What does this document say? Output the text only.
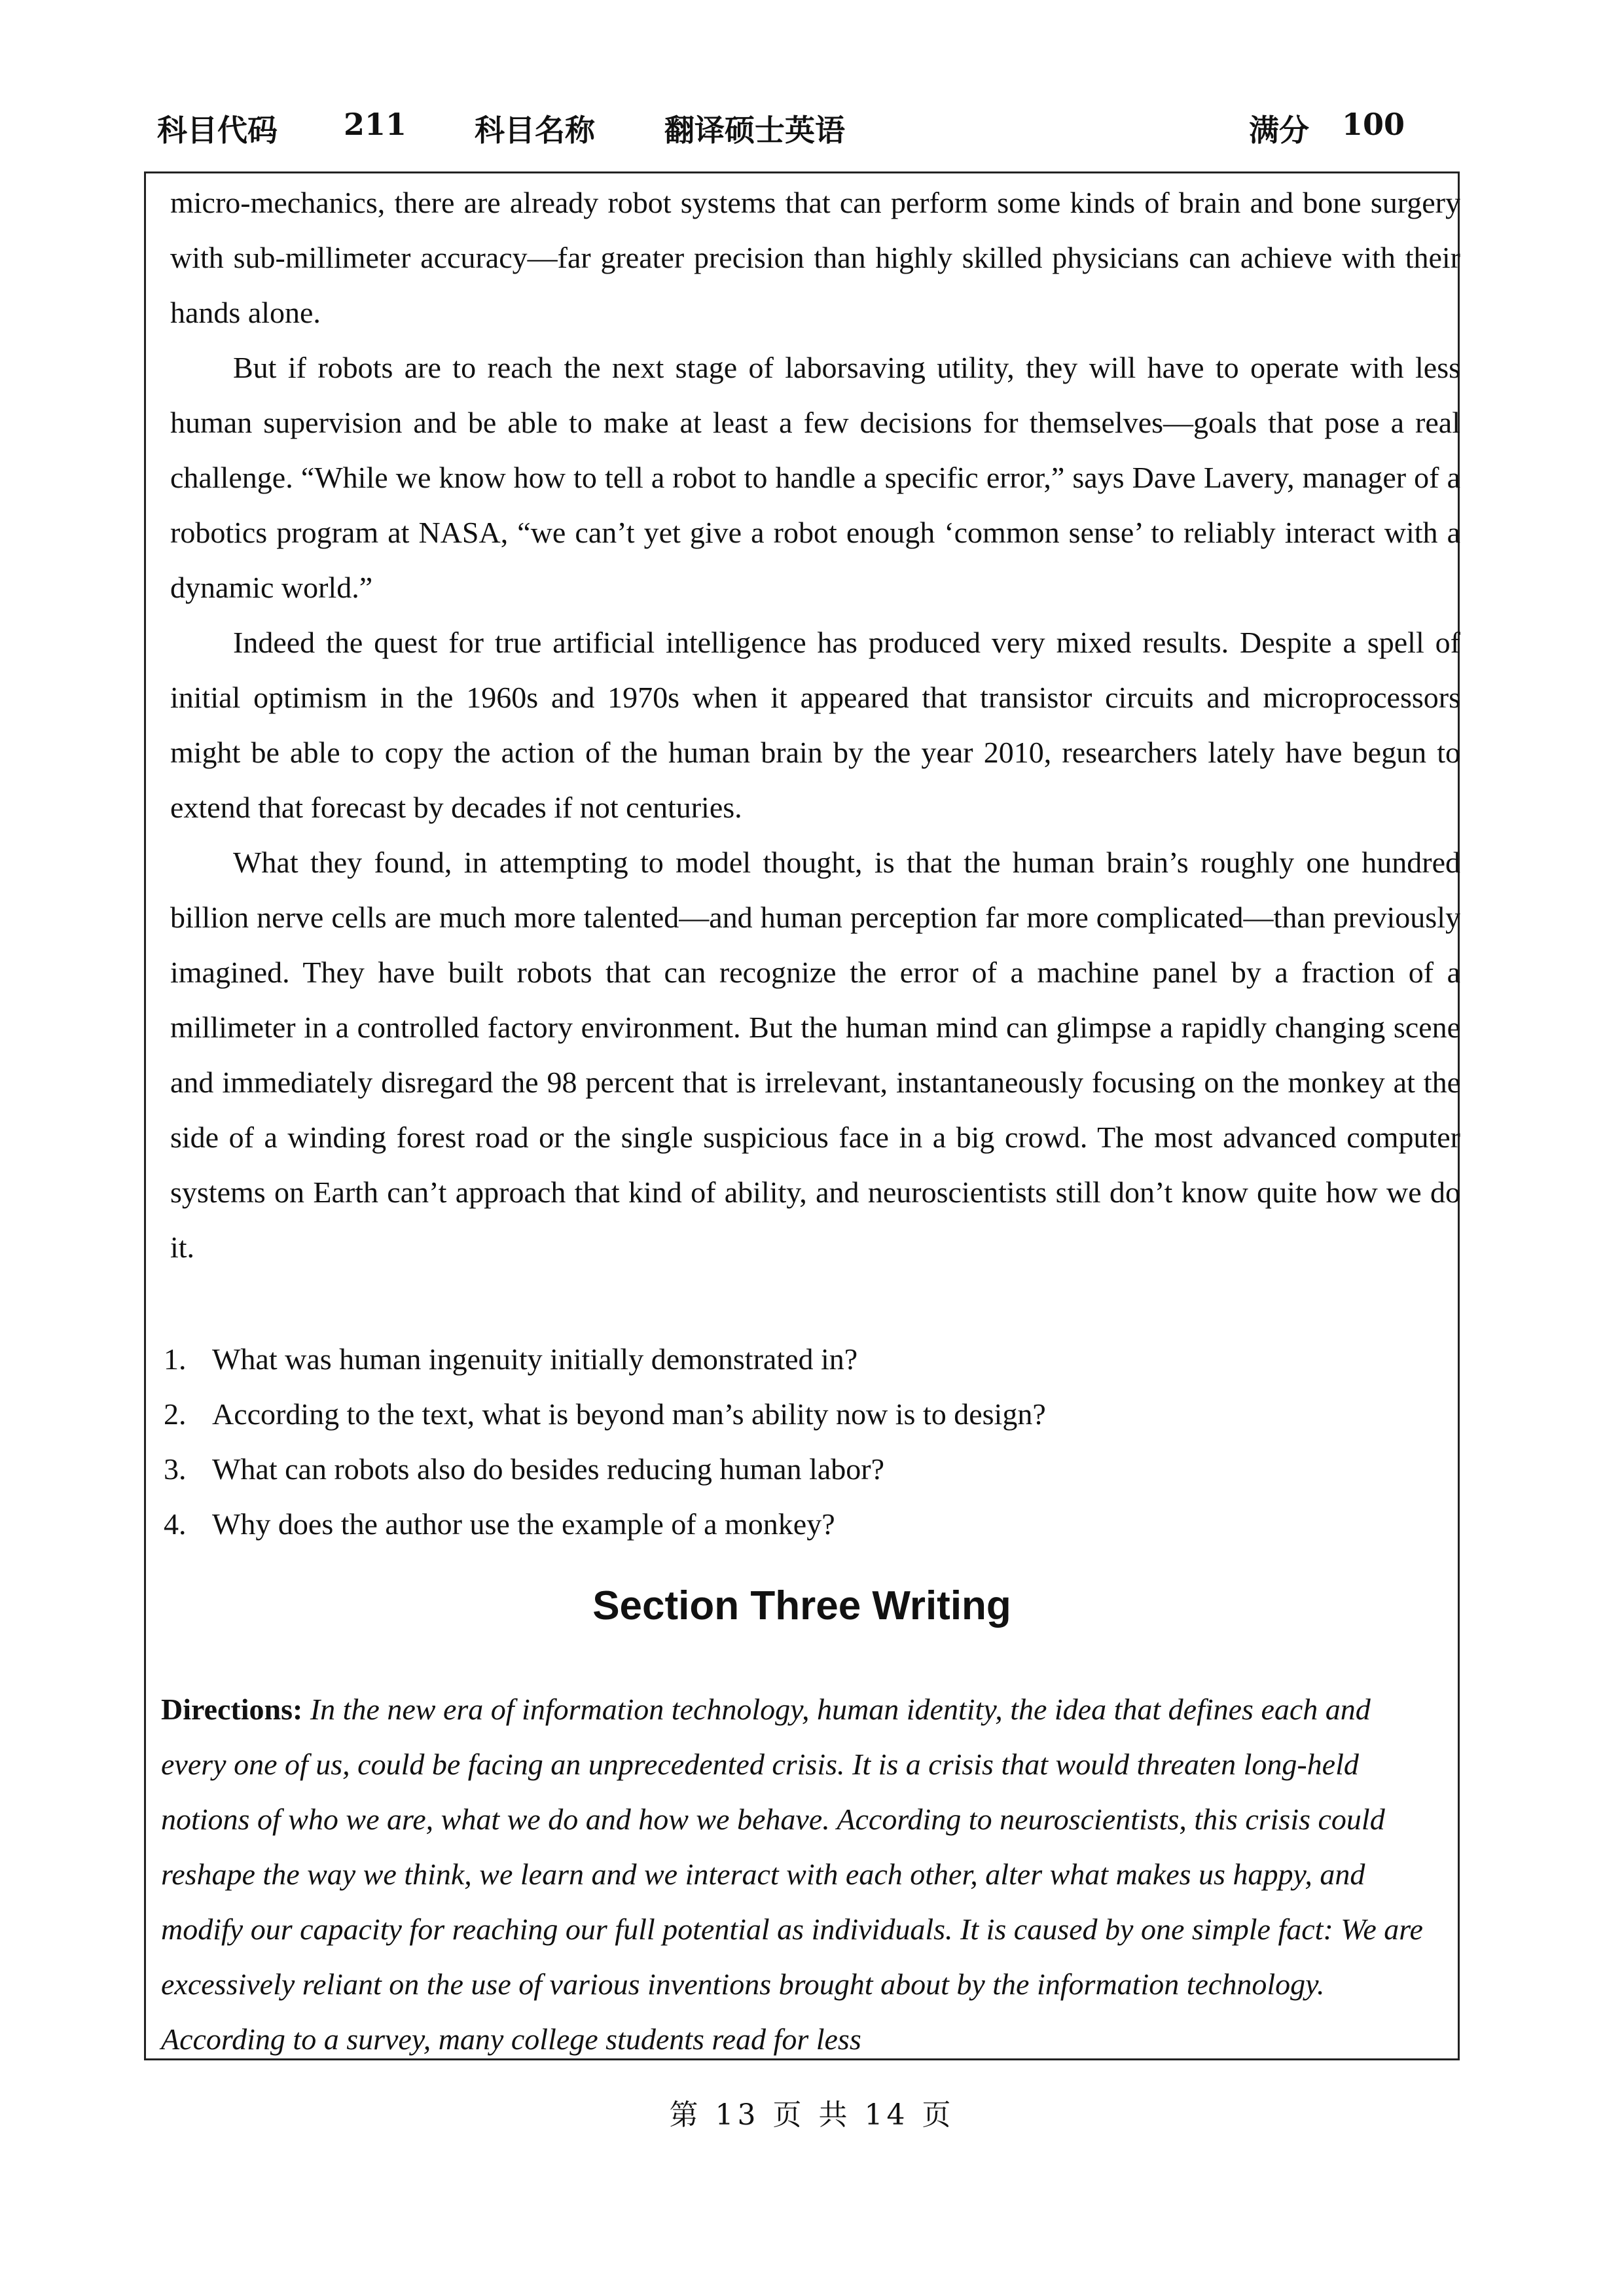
科目代码 211 科目名称 翻译硕士英语	满分 100

micro-mechanics, there are already robot systems that can perform some kinds of brain and bone surgery with sub-millimeter accuracy—far greater precision than highly skilled physicians can achieve with their hands alone.

But if robots are to reach the next stage of laborsaving utility, they will have to operate with less human supervision and be able to make at least a few decisions for themselves—goals that pose a real challenge. “While we know how to tell a robot to handle a specific error,” says Dave Lavery, manager of a robotics program at NASA, “we can’t yet give a robot enough ‘common sense’ to reliably interact with a dynamic world.”

Indeed the quest for true artificial intelligence has produced very mixed results. Despite a spell of initial optimism in the 1960s and 1970s when it appeared that transistor circuits and microprocessors might be able to copy the action of the human brain by the year 2010, researchers lately have begun to extend that forecast by decades if not centuries.

What they found, in attempting to model thought, is that the human brain’s roughly one hundred billion nerve cells are much more talented—and human perception far more complicated—than previously imagined. They have built robots that can recognize the error of a machine panel by a fraction of a millimeter in a controlled factory environment. But the human mind can glimpse a rapidly changing scene and immediately disregard the 98 percent that is irrelevant, instantaneously focusing on the monkey at the side of a winding forest road or the single suspicious face in a big crowd. The most advanced computer systems on Earth can’t approach that kind of ability, and neuroscientists still don’t know quite how we do it.

1. What was human ingenuity initially demonstrated in?
2. According to the text, what is beyond man’s ability now is to design?
3. What can robots also do besides reducing human labor?
4. Why does the author use the example of a monkey?
Section Three Writing
Directions: In the new era of information technology, human identity, the idea that defines each and every one of us, could be facing an unprecedented crisis. It is a crisis that would threaten long-held notions of who we are, what we do and how we behave. According to neuroscientists, this crisis could reshape the way we think, we learn and we interact with each other, alter what makes us happy, and modify our capacity for reaching our full potential as individuals. It is caused by one simple fact: We are excessively reliant on the use of various inventions brought about by the information technology. According to a survey, many college students read for less
第 13 页 共 14 页
